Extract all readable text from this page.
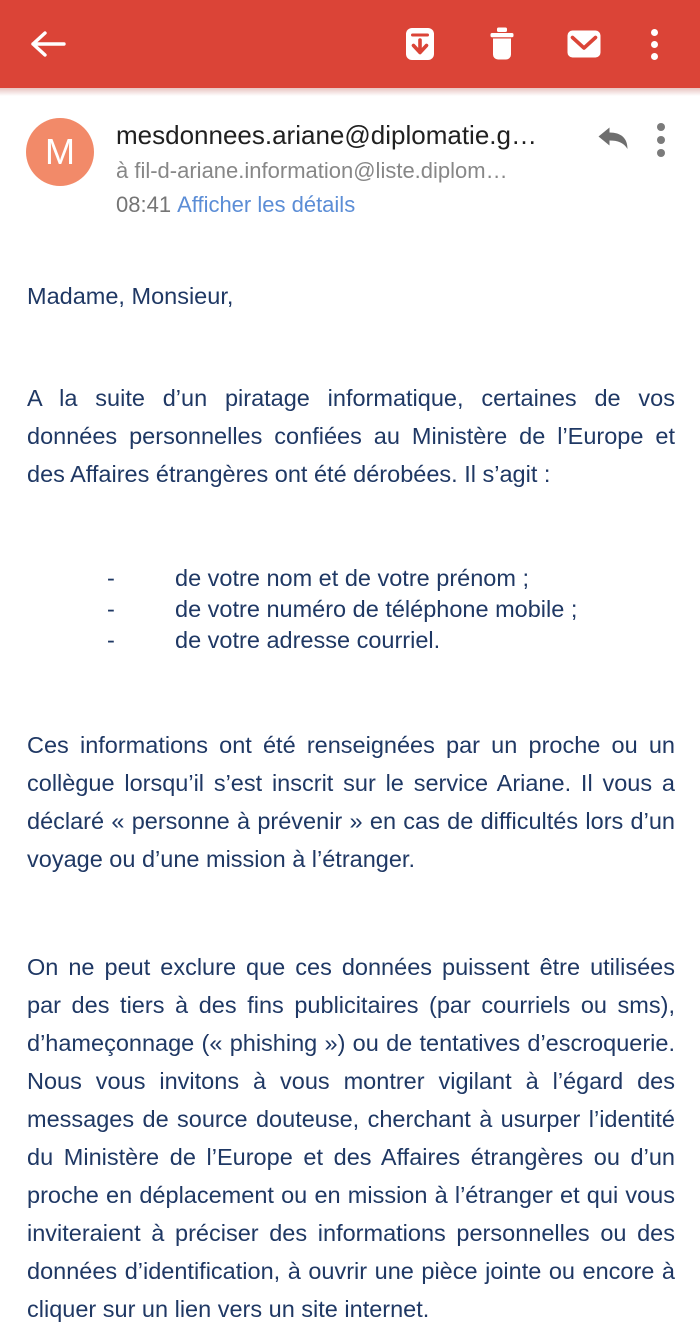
M mesdonnees.ariane@diplomatie.g…
à fil-d-ariane.information@liste.diplom…
08:41 Afficher les détails

Madame, Monsieur,

A la suite d’un piratage informatique, certaines de vos données personnelles confiées au Ministère de l’Europe et des Affaires étrangères ont été dérobées. Il s’agit :

-	de votre nom et de votre prénom ;
-	de votre numéro de téléphone mobile ;
-	de votre adresse courriel.

Ces informations ont été renseignées par un proche ou un collègue lorsqu’il s’est inscrit sur le service Ariane. Il vous a déclaré « personne à prévenir » en cas de difficultés lors d’un voyage ou d’une mission à l’étranger.

On ne peut exclure que ces données puissent être utilisées par des tiers à des fins publicitaires (par courriels ou sms), d’hameçonnage (« phishing ») ou de tentatives d’escroquerie. Nous vous invitons à vous montrer vigilant à l’égard des messages de source douteuse, cherchant à usurper l’identité du Ministère de l’Europe et des Affaires étrangères ou d’un proche en déplacement ou en mission à l’étranger et qui vous inviteraient à préciser des informations personnelles ou des données d’identification, à ouvrir une pièce jointe ou encore à cliquer sur un lien vers un site internet.
